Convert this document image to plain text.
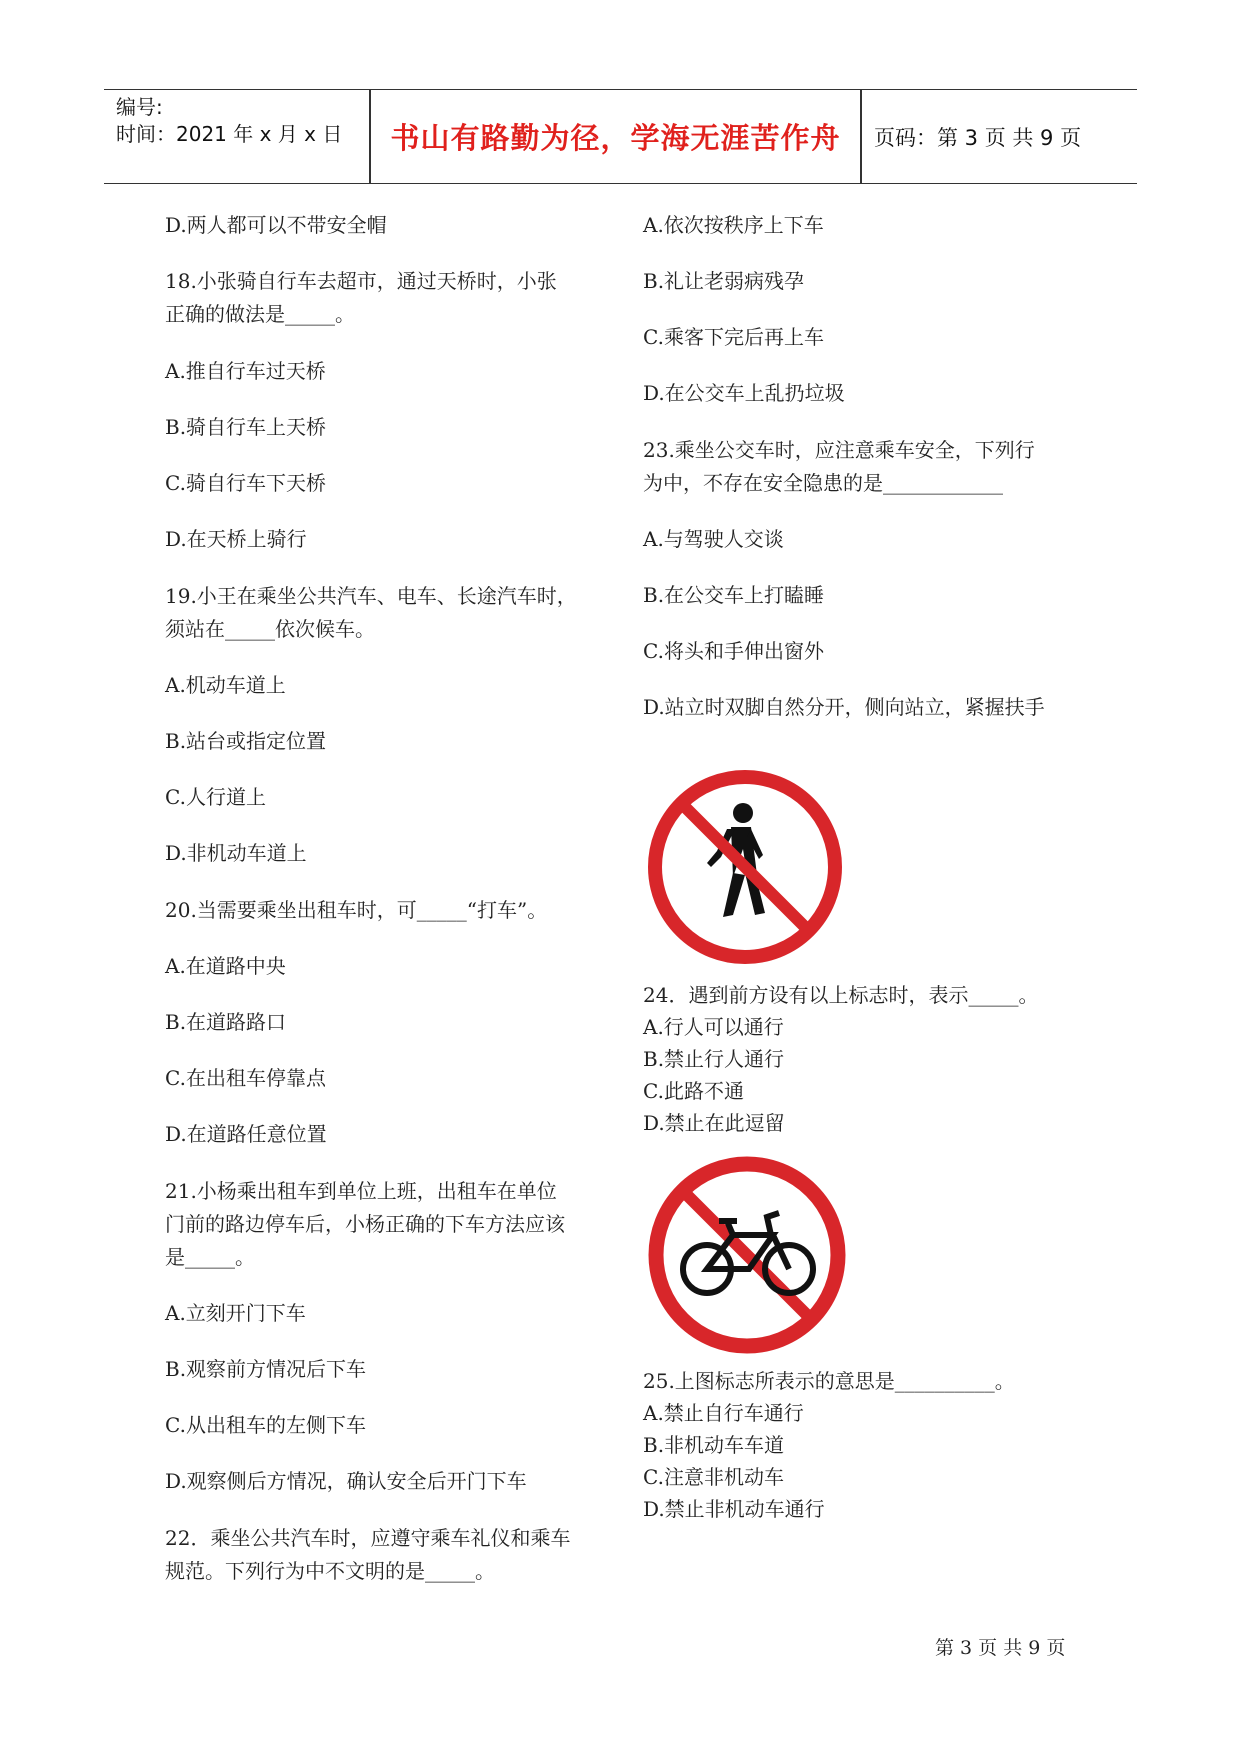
编号:
时间：2021 年 x 月 x 日	书山有路勤为径，学海无涯苦作舟	页码：第 3 页 共 9 页
D.两人都可以不带安全帽
18.小张骑自行车去超市，通过天桥时，小张
正确的做法是_____。
A.推自行车过天桥
B.骑自行车上天桥
C.骑自行车下天桥
D.在天桥上骑行
19.小王在乘坐公共汽车、电车、长途汽车时，
须站在_____依次候车。
A.机动车道上
B.站台或指定位置
C.人行道上
D.非机动车道上
20.当需要乘坐出租车时，可_____“打车”。
A.在道路中央
B.在道路路口
C.在出租车停靠点
D.在道路任意位置
21.小杨乘出租车到单位上班，出租车在单位
门前的路边停车后，小杨正确的下车方法应该
是_____。
A.立刻开门下车
B.观察前方情况后下车
C.从出租车的左侧下车
D.观察侧后方情况，确认安全后开门下车
22．乘坐公共汽车时，应遵守乘车礼仪和乘车
规范。下列行为中不文明的是_____。
A.依次按秩序上下车
B.礼让老弱病残孕
C.乘客下完后再上车
D.在公交车上乱扔垃圾
23.乘坐公交车时，应注意乘车安全，下列行
为中，不存在安全隐患的是____________
A.与驾驶人交谈
B.在公交车上打瞌睡
C.将头和手伸出窗外
D.站立时双脚自然分开，侧向站立，紧握扶手
24．遇到前方设有以上标志时，表示_____。
A.行人可以通行
B.禁止行人通行
C.此路不通
D.禁止在此逗留
25.上图标志所表示的意思是__________。
A.禁止自行车通行
B.非机动车车道
C.注意非机动车
D.禁止非机动车通行
第 3 页 共 9 页
